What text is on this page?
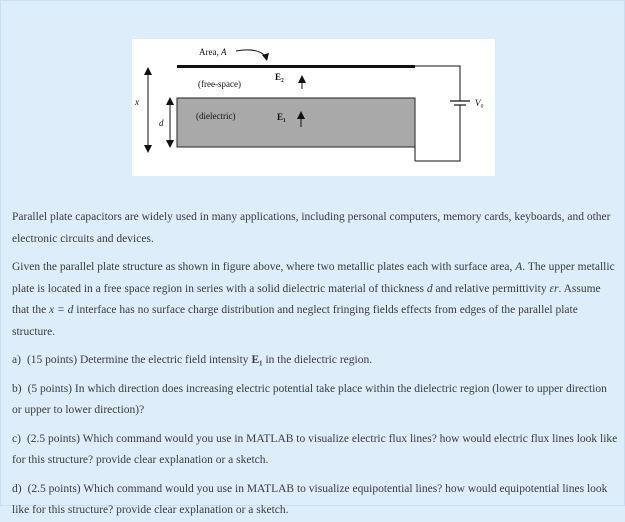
Area, A
(free-space)
E₂
(dielectric)	E₁
x
d
V₀

Parallel plate capacitors are widely used in many applications, including personal computers, memory cards, keyboards, and other electronic circuits and devices.

Given the parallel plate structure as shown in figure above, where two metallic plates each with surface area, A. The upper metallic plate is located in a free space region in series with a solid dielectric material of thickness d and relative permittivity εr. Assume that the x = d interface has no surface charge distribution and neglect fringing fields effects from edges of the parallel plate structure.

a) (15 points) Determine the electric field intensity E₁ in the dielectric region.

b) (5 points) In which direction does increasing electric potential take place within the dielectric region (lower to upper direction or upper to lower direction)?

c) (2.5 points) Which command would you use in MATLAB to visualize electric flux lines? how would electric flux lines look like for this structure? provide clear explanation or a sketch.

d) (2.5 points) Which command would you use in MATLAB to visualize equipotential lines? how would equipotential lines look like for this structure? provide clear explanation or a sketch.
